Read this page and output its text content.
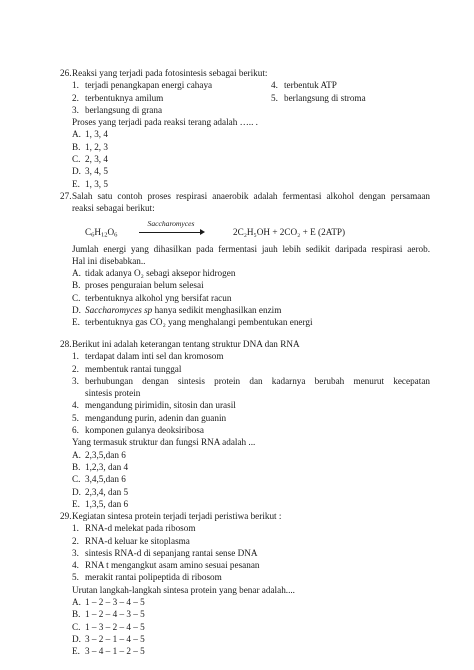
26. Reaksi yang terjadi pada fotosintesis sebagai berikut:
1. terjadi penangkapan energi cahaya	4. terbentuk ATP
2. terbentuknya amilum	5. berlangsung di stroma
3. berlangsung di grana
Proses yang terjadi pada reaksi terang adalah ….. .
A. 1, 3, 4
B. 1, 2, 3
C. 2, 3, 4
D. 3, 4, 5
E. 1, 3, 5
27. Salah satu contoh proses respirasi anaerobik adalah fermentasi alkohol dengan persamaan
reaksi sebagai berikut:
$C_6H_{12}O_6$
Saccharomyces
2C₂H₅OH + 2CO₂ + E (2ATP)
Jumlah energi yang dihasilkan pada fermentasi jauh lebih sedikit daripada respirasi aerob.
Hal ini disebabkan..
A. tidak adanya O₂ sebagi aksepor hidrogen
B. proses penguraian belum selesai
C. terbentuknya alkohol yng bersifat racun
D. Saccharomyces sp hanya sedikit menghasilkan enzim
E. terbentuknya gas CO₂ yang menghalangi pembentukan energi
28. Berikut ini adalah keterangan tentang struktur DNA dan RNA
1. terdapat dalam inti sel dan kromosom
2. membentuk rantai tunggal
3. berhubungan dengan sintesis protein dan kadarnya berubah menurut kecepatan
sintesis protein
4. mengandung pirimidin, sitosin dan urasil
5. mengandung purin, adenin dan guanin
6. komponen gulanya deoksiribosa
Yang termasuk struktur dan fungsi RNA adalah ...
A. 2,3,5,dan 6
B. 1,2,3, dan 4
C. 3,4,5,dan 6
D. 2,3,4, dan 5
E. 1,3,5, dan 6
29. Kegiatan sintesa protein terjadi terjadi peristiwa berikut :
1. RNA-d melekat pada ribosom
2. RNA-d keluar ke sitoplasma
3. sintesis RNA-d di sepanjang rantai sense DNA
4. RNA t mengangkut asam amino sesuai pesanan
5. merakit rantai polipeptida di ribosom
Urutan langkah-langkah sintesa protein yang benar adalah....
A. 1 – 2 – 3 – 4 – 5
B. 1 – 2 – 4 – 3 – 5
C. 1 – 3 – 2 – 4 – 5
D. 3 – 2 – 1 – 4 – 5
E. 3 – 4 – 1 – 2 – 5
